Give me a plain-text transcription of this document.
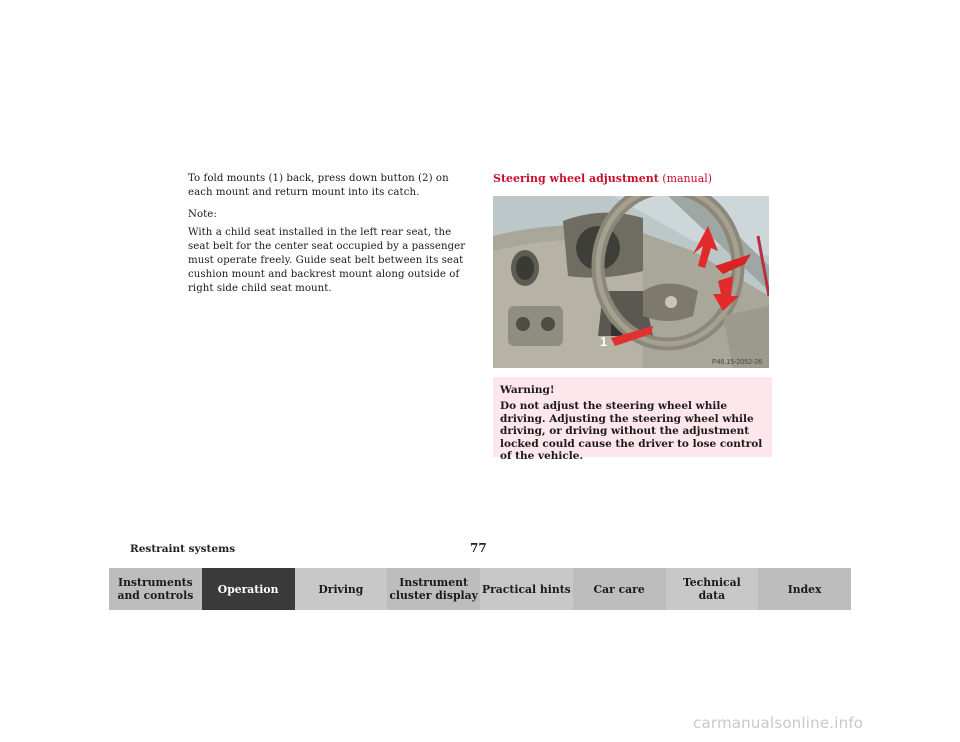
To fold mounts (1) back, press down button (2) on each mount and return mount into its catch.

Note:

With a child seat installed in the left rear seat, the seat belt for the center seat occupied by a passenger must operate freely. Guide seat belt between its seat cushion mount and backrest mount along outside of right side child seat mount.

Steering wheel adjustment (manual)
1
P46.15-2052-26
Warning!
Do not adjust the steering wheel while driving. Adjusting the steering wheel while driving, or driving without the adjustment locked could cause the driver to lose control of the vehicle.
Restraint systems	77
Instruments
and controls	Operation	Driving	Instrument
cluster display Practical hints	Car care	Technical
data	Index
carmanualsonline.info
